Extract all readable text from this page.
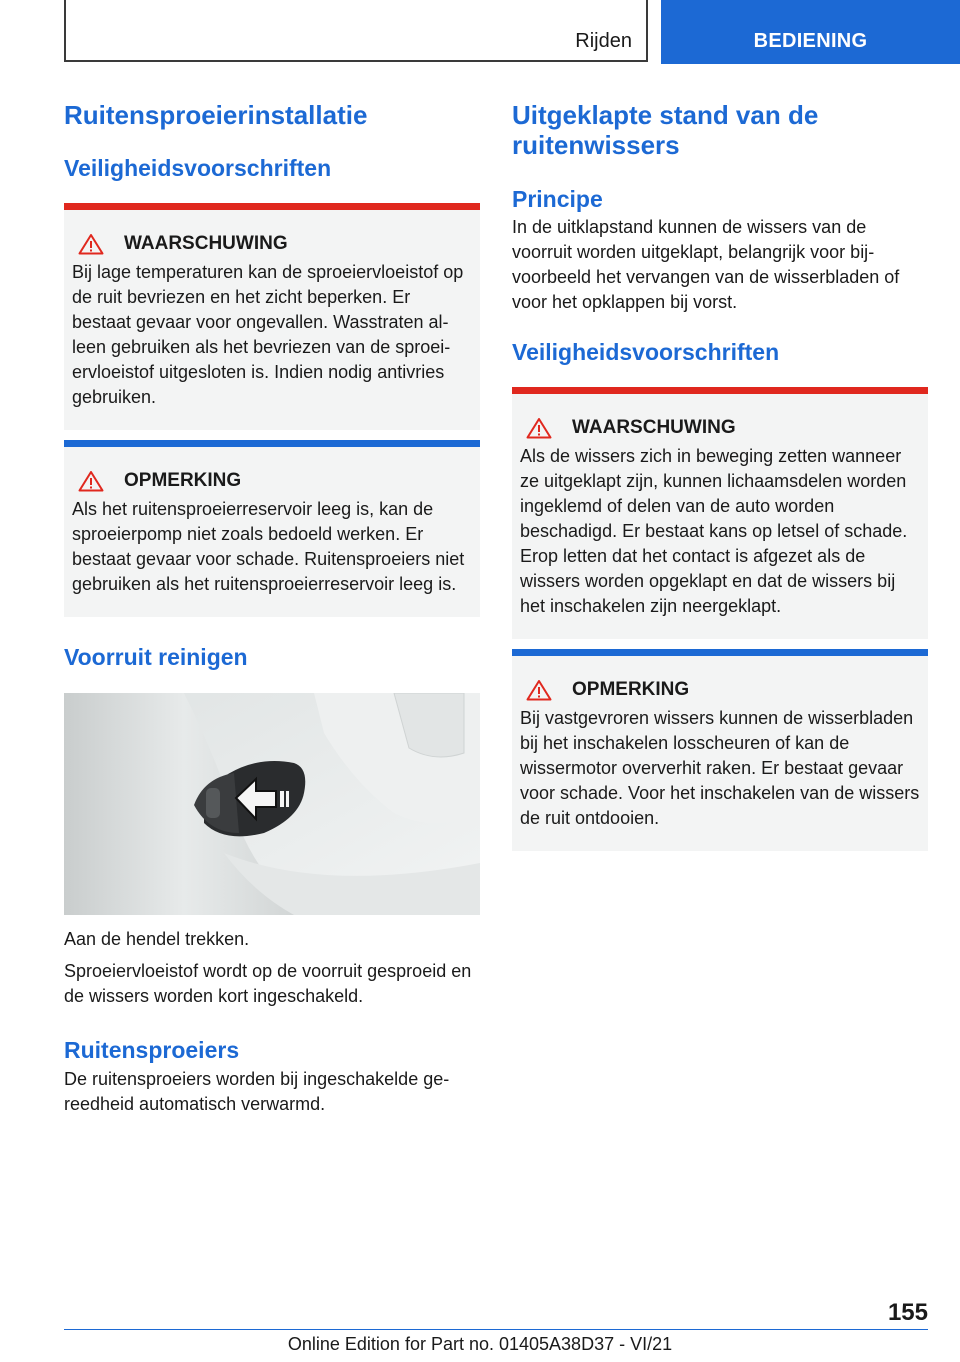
Rijden	BEDIENING
Ruitensproeierinstallatie
Veiligheidsvoorschriften
WAARSCHUWING

Bij lage temperaturen kan de sproeiervloeistof op de ruit bevriezen en het zicht beperken. Er bestaat gevaar voor ongevallen. Wasstraten alleen gebruiken als het bevriezen van de sproeiervloeistof uitgesloten is. Indien nodig antivries gebruiken.

OPMERKING

Als het ruitensproeierreservoir leeg is, kan de sproeierpomp niet zoals bedoeld werken. Er bestaat gevaar voor schade. Ruitensproeiers niet gebruiken als het ruitensproeierreservoir leeg is.

Voorruit reinigen

Aan de hendel trekken.

Sproeiervloeistof wordt op de voorruit gesproeid en de wissers worden kort ingeschakeld.

Ruitensproeiers

De ruitensproeiers worden bij ingeschakelde gereedheid automatisch verwarmd.

Uitgeklapte stand van de ruitenwissers
Principe

In de uitklapstand kunnen de wissers van de voorruit worden uitgeklapt, belangrijk voor bijvoorbeeld het vervangen van de wisserbladen of voor het opklappen bij vorst.

Veiligheidsvoorschriften
WAARSCHUWING

Als de wissers zich in beweging zetten wanneer ze uitgeklapt zijn, kunnen lichaamsdelen worden ingeklemd of delen van de auto worden beschadigd. Er bestaat kans op letsel of schade. Erop letten dat het contact is afgezet als de wissers worden opgeklapt en dat de wissers bij het inschakelen zijn neergeklapt.

OPMERKING

Bij vastgevroren wissers kunnen de wisserbladen bij het inschakelen losscheuren of kan de wissermotor oververhit raken. Er bestaat gevaar voor schade. Voor het inschakelen van de wissers de ruit ontdooien.

155
Online Edition for Part no. 01405A38D37 - VI/21
